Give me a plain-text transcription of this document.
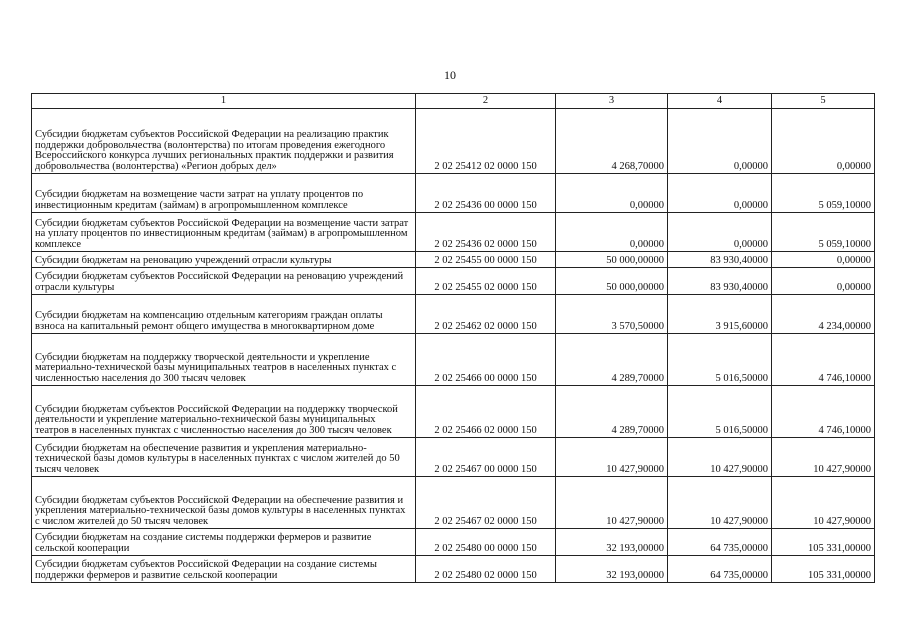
10
1	2	3	4	5
Субсидии бюджетам субъектов Российской Федерации на реализацию практик поддержки добровольчества (волонтерства) по итогам проведения ежегодного Всероссийского конкурса лучших региональных практик поддержки и развития добровольчества (волонтерства) «Регион добрых дел»	2 02 25412 02 0000 150	4 268,70000	0,00000	0,00000
Субсидии бюджетам на возмещение части затрат на уплату процентов по инвестиционным кредитам (займам) в агропромышленном комплексе	2 02 25436 00 0000 150	0,00000	0,00000	5 059,10000
Субсидии бюджетам субъектов Российской Федерации на возмещение части затрат на уплату процентов по инвестиционным кредитам (займам) в агропромышленном комплексе	2 02 25436 02 0000 150	0,00000	0,00000	5 059,10000
Субсидии бюджетам на реновацию учреждений отрасли культуры	2 02 25455 00 0000 150	50 000,00000	83 930,40000	0,00000
Субсидии бюджетам субъектов Российской Федерации на реновацию учреждений отрасли культуры	2 02 25455 02 0000 150	50 000,00000	83 930,40000	0,00000
Субсидии бюджетам на компенсацию отдельным категориям граждан оплаты взноса на капитальный ремонт общего имущества в многоквартирном доме	2 02 25462 02 0000 150	3 570,50000	3 915,60000	4 234,00000
Субсидии бюджетам на поддержку творческой деятельности и укрепление материально-технической базы муниципальных театров в населенных пунктах с численностью населения до 300 тысяч человек	2 02 25466 00 0000 150	4 289,70000	5 016,50000	4 746,10000
Субсидии бюджетам субъектов Российской Федерации на поддержку творческой деятельности и укрепление материально-технической базы муниципальных театров в населенных пунктах с численностью населения до 300 тысяч человек	2 02 25466 02 0000 150	4 289,70000	5 016,50000	4 746,10000
Субсидии бюджетам на обеспечение развития и укрепления материально-технической базы домов культуры в населенных пунктах с числом жителей до 50 тысяч человек	2 02 25467 00 0000 150	10 427,90000	10 427,90000	10 427,90000
Субсидии бюджетам субъектов Российской Федерации на обеспечение развития и укрепления материально-технической базы домов культуры в населенных пунктах с числом жителей до 50 тысяч человек	2 02 25467 02 0000 150	10 427,90000	10 427,90000	10 427,90000
Субсидии бюджетам на создание системы поддержки фермеров и развитие сельской кооперации	2 02 25480 00 0000 150	32 193,00000	64 735,00000	105 331,00000
Субсидии бюджетам субъектов Российской Федерации на создание системы поддержки фермеров и развитие сельской кооперации	2 02 25480 02 0000 150	32 193,00000	64 735,00000	105 331,00000
